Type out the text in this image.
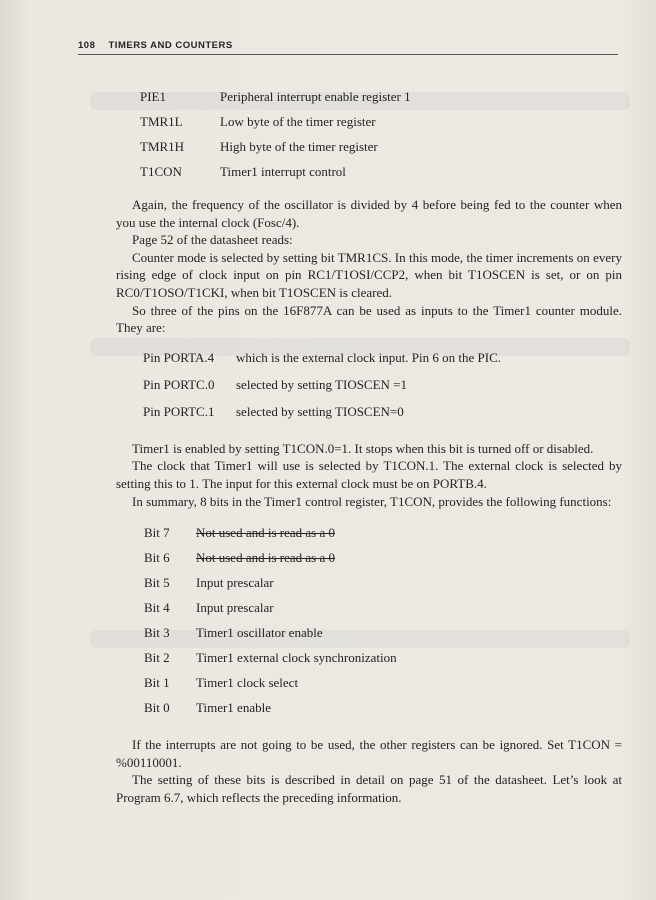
108 TIMERS AND COUNTERS
PIE1	Peripheral interrupt enable register 1
TMR1L	Low byte of the timer register
TMR1H	High byte of the timer register
T1CON	Timer1 interrupt control

Again, the frequency of the oscillator is divided by 4 before being fed to the counter when you use the internal clock (Fosc/4).

Page 52 of the datasheet reads:

Counter mode is selected by setting bit TMR1CS. In this mode, the timer increments on every rising edge of clock input on pin RC1/T1OSI/CCP2, when bit T1OSCEN is set, or on pin RC0/T1OSO/T1CKI, when bit T1OSCEN is cleared.

So three of the pins on the 16F877A can be used as inputs to the Timer1 counter module. They are:

Pin PORTA.4 which is the external clock input. Pin 6 on the PIC.
Pin PORTC.0 selected by setting TIOSCEN =1
Pin PORTC.1 selected by setting TIOSCEN=0

Timer1 is enabled by setting T1CON.0=1. It stops when this bit is turned off or disabled.

The clock that Timer1 will use is selected by T1CON.1. The external clock is selected by setting this to 1. The input for this external clock must be on PORTB.4.

In summary, 8 bits in the Timer1 control register, T1CON, provides the following functions:

Bit 7 Not used and is read as a 0
Bit 6 Not used and is read as a 0
Bit 5 Input prescalar
Bit 4 Input prescalar
Bit 3 Timer1 oscillator enable
Bit 2 Timer1 external clock synchronization
Bit 1 Timer1 clock select
Bit 0 Timer1 enable

If the interrupts are not going to be used, the other registers can be ignored. Set T1CON = %00110001.

The setting of these bits is described in detail on page 51 of the datasheet. Let’s look at Program 6.7, which reflects the preceding information.
